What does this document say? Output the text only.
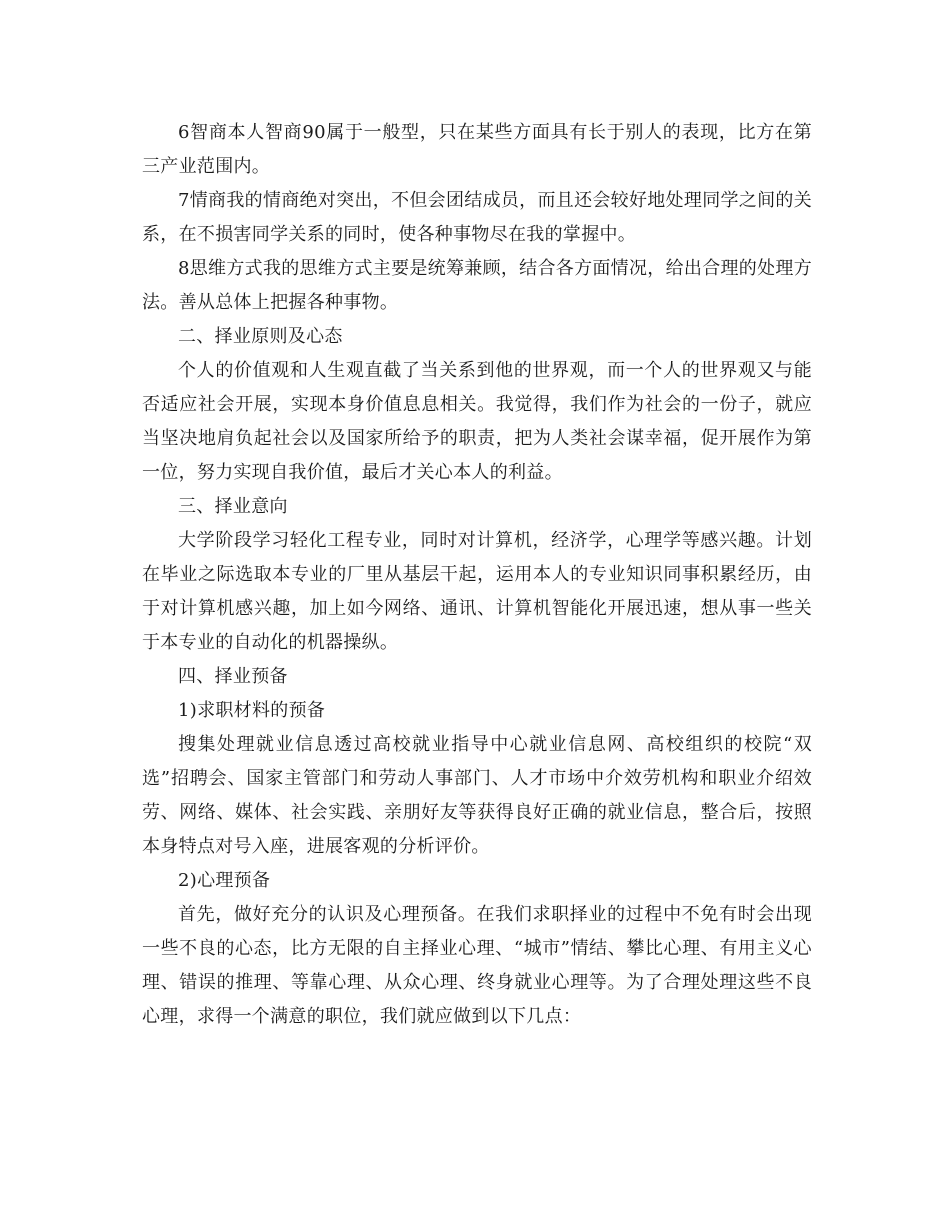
6智商本人智商90属于一般型，只在某些方面具有长于别人的表现，比方在第三产业范围内。

7情商我的情商绝对突出，不但会团结成员，而且还会较好地处理同学之间的关系，在不损害同学关系的同时，使各种事物尽在我的掌握中。

8思维方式我的思维方式主要是统筹兼顾，结合各方面情况，给出合理的处理方法。善从总体上把握各种事物。

二、择业原则及心态

个人的价值观和人生观直截了当关系到他的世界观，而一个人的世界观又与能否适应社会开展，实现本身价值息息相关。我觉得，我们作为社会的一份子，就应当坚决地肩负起社会以及国家所给予的职责，把为人类社会谋幸福，促开展作为第一位，努力实现自我价值，最后才关心本人的利益。

三、择业意向

大学阶段学习轻化工程专业，同时对计算机，经济学，心理学等感兴趣。计划在毕业之际选取本专业的厂里从基层干起，运用本人的专业知识同事积累经历，由于对计算机感兴趣，加上如今网络、通讯、计算机智能化开展迅速，想从事一些关于本专业的自动化的机器操纵。

四、择业预备

1)求职材料的预备

搜集处理就业信息透过高校就业指导中心就业信息网、高校组织的校院“双选”招聘会、国家主管部门和劳动人事部门、人才市场中介效劳机构和职业介绍效劳、网络、媒体、社会实践、亲朋好友等获得良好正确的就业信息，整合后，按照本身特点对号入座，进展客观的分析评价。

2)心理预备

首先，做好充分的认识及心理预备。在我们求职择业的过程中不免有时会出现一些不良的心态，比方无限的自主择业心理、“城市”情结、攀比心理、有用主义心理、错误的推理、等靠心理、从众心理、终身就业心理等。为了合理处理这些不良心理，求得一个满意的职位，我们就应做到以下几点：
